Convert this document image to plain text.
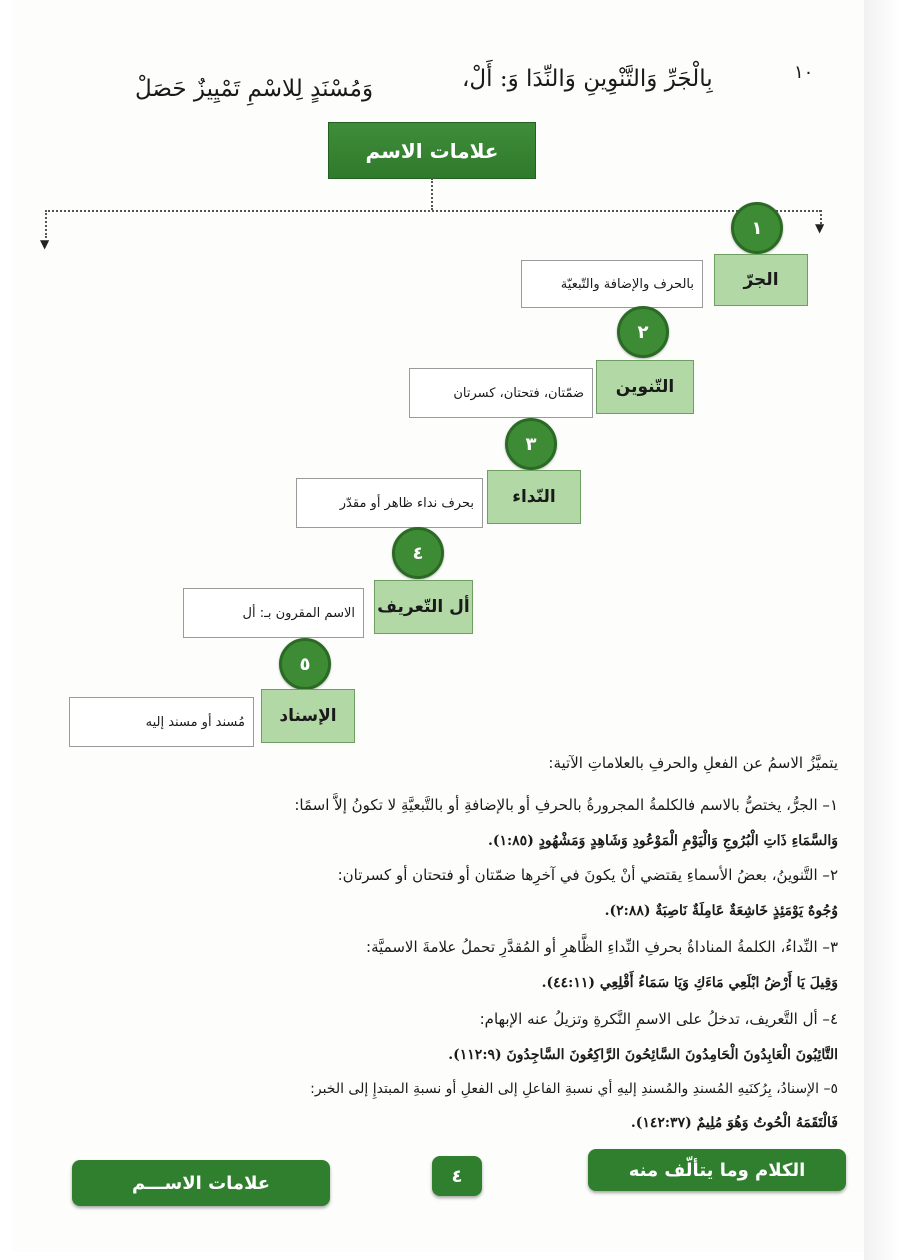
١٠
بِالْجَرِّ وَالتَّنْوِينِ وَالنِّدَا وَ: أَلْ،
وَمُسْنَدٍ لِلاسْمِ تَمْيِيزٌ حَصَلْ
علامات الاسم
▼
▼
١
الجرّ
بالحرف والإضافة والتّبعيّة
٢
التّنوين
ضمّتان، فتحتان، كسرتان
٣
النّداء
بحرف نداء ظاهر أو مقدّر
٤
أل التّعريف
الاسم المقرون بـ: أل
٥
الإسناد
مُسند أو مسند إليه
يتميَّزُ الاسمُ عن الفعلِ والحرفِ بالعلاماتِ الآتية:
١– الجرُّ، يختصُّ بالاسم فالكلمةُ المجرورةُ بالحرفِ أو بالإضافةِ أو بالتَّبعيَّةِ لا تكونُ إلاَّ اسمًا:
وَالسَّمَاءِ ذَاتِ الْبُرُوجِ وَالْيَوْمِ الْمَوْعُودِ وَشَاهِدٍ وَمَشْهُودٍ (١:٨٥).
٢– التَّنوينُ، بعضُ الأسماءِ يقتضي أنْ يكونَ في آخرِها ضمّتان أو فتحتان أو كسرتان:
وُجُوهٌ يَوْمَئِذٍ خَاشِعَةٌ عَامِلَةٌ نَاصِبَةٌ (٢:٨٨).
٣– النِّداءُ، الكلمةُ المناداةُ بحرفِ النِّداءِ الظَّاهرِ أو المُقدَّرِ تحملُ علامةَ الاسميَّة:
وَقِيلَ يَا أَرْضُ ابْلَعِي مَاءَكِ وَيَا سَمَاءُ أَقْلِعِي (٤٤:١١).
٤– أل التَّعريف، تدخلُ على الاسمِ النَّكرةِ وتزيلُ عنه الإبهام:
التَّائِبُونَ الْعَابِدُونَ الْحَامِدُونَ السَّائِحُونَ الرَّاكِعُونَ السَّاجِدُونَ (١١٢:٩).
٥– الإسنادُ، بِرُكنَيهِ المُسندِ والمُسندِ إليهِ أي نسبةِ الفاعلِ إلى الفعلِ أو نسبةِ المبتدإِ إلى الخبر:
فَالْتَقَمَهُ الْحُوتُ وَهُوَ مُلِيمٌ (١٤٢:٣٧).
الكلام وما يتألّف منه
٤
علامات الاســـم
